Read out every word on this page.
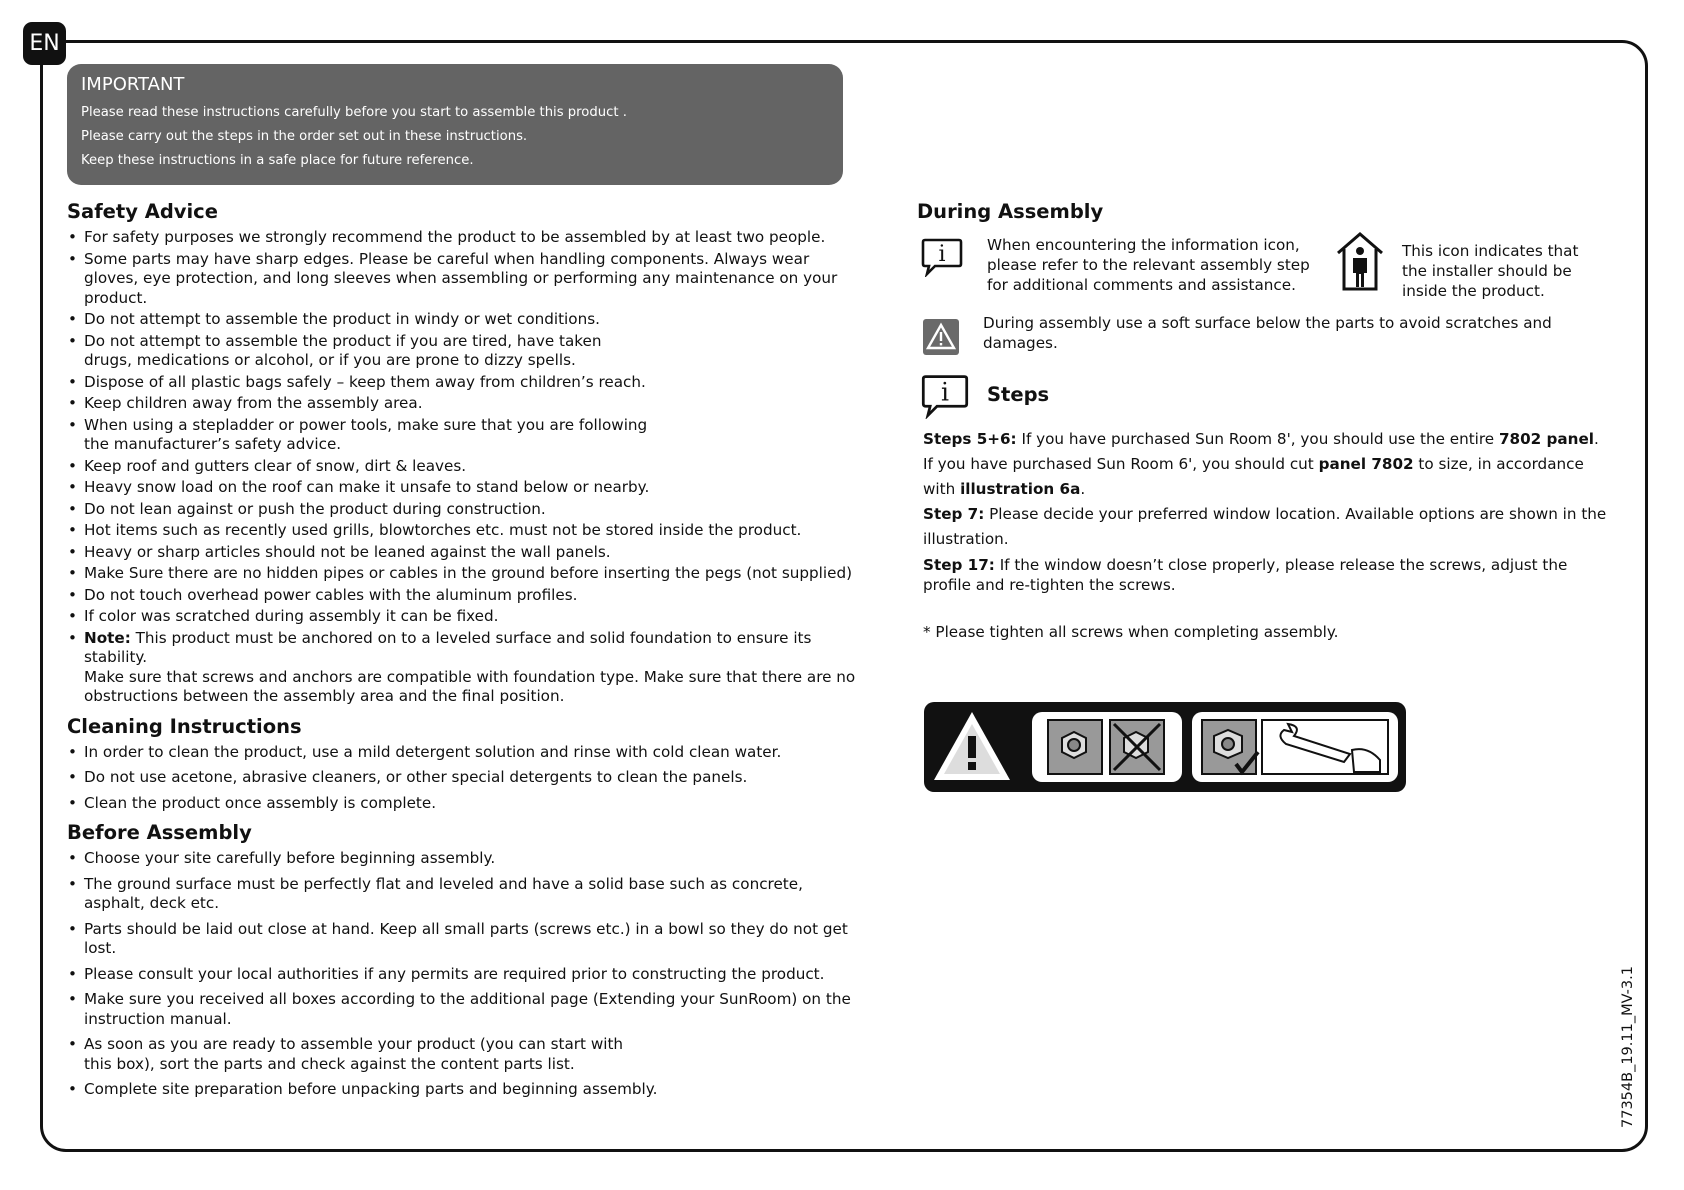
EN
IMPORTANT
Please read these instructions carefully before you start to assemble this product .
Please carry out the steps in the order set out in these instructions.
Keep these instructions in a safe place for future reference.
Safety Advice
• For safety purposes we strongly recommend the product to be assembled by at least two people.
• Some parts may have sharp edges. Please be careful when handling components. Always wear gloves, eye protection, and long sleeves when assembling or performing any maintenance on your product.
• Do not attempt to assemble the product in windy or wet conditions.
• Do not attempt to assemble the product if you are tired, have taken drugs, medications or alcohol, or if you are prone to dizzy spells.
• Dispose of all plastic bags safely – keep them away from children’s reach.
• Keep children away from the assembly area.
• When using a stepladder or power tools, make sure that you are following the manufacturer’s safety advice.
• Keep roof and gutters clear of snow, dirt & leaves.
• Heavy snow load on the roof can make it unsafe to stand below or nearby.
• Do not lean against or push the product during construction.
• Hot items such as recently used grills, blowtorches etc. must not be stored inside the product.
• Heavy or sharp articles should not be leaned against the wall panels.
• Make Sure there are no hidden pipes or cables in the ground before inserting the pegs (not supplied)
• Do not touch overhead power cables with the aluminum profiles.
• If color was scratched during assembly it can be fixed.
• Note: This product must be anchored on to a leveled surface and solid foundation to ensure its stability.
Make sure that screws and anchors are compatible with foundation type. Make sure that there are no obstructions between the assembly area and the final position.
Cleaning Instructions
• In order to clean the product, use a mild detergent solution and rinse with cold clean water.
• Do not use acetone, abrasive cleaners, or other special detergents to clean the panels.
• Clean the product once assembly is complete.
Before Assembly
• Choose your site carefully before beginning assembly.
• The ground surface must be perfectly flat and leveled and have a solid base such as concrete, asphalt, deck etc.
• Parts should be laid out close at hand. Keep all small parts (screws etc.) in a bowl so they do not get lost.
• Please consult your local authorities if any permits are required prior to constructing the product.
• Make sure you received all boxes according to the additional page (Extending your SunRoom) on the instruction manual.
• As soon as you are ready to assemble your product (you can start with this box), sort the parts and check against the content parts list.
• Complete site preparation before unpacking parts and beginning assembly.
During Assembly
i	When encountering the information icon, please refer to the relevant assembly step for additional comments and assistance.
This icon indicates that the installer should be inside the product.
During assembly use a soft surface below the parts to avoid scratches and damages.
i Steps

Steps 5+6: If you have purchased Sun Room 8', you should use the entire 7802 panel.

If you have purchased Sun Room 6', you should cut panel 7802 to size, in accordance with illustration 6a.

Step 7: Please decide your preferred window location. Available options are shown in the illustration.

Step 17: If the window doesn’t close properly, please release the screws, adjust the profile and re-tighten the screws.

* Please tighten all screws when completing assembly.
77354B_19.11_MV-3.1
